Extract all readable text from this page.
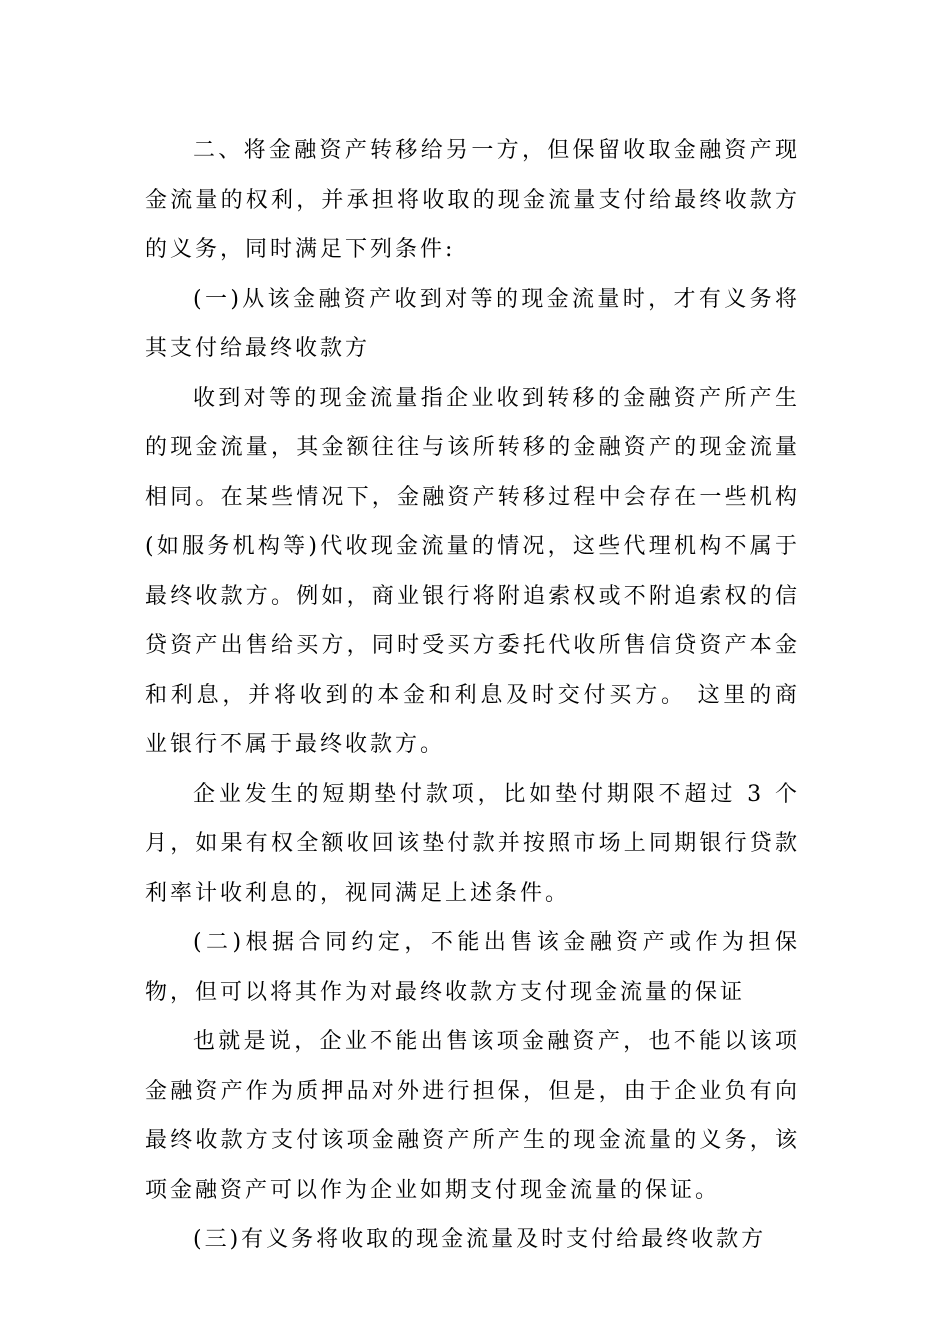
二、将金融资产转移给另一方，但保留收取金融资产现金流量的权利，并承担将收取的现金流量支付给最终收款方的义务，同时满足下列条件:

(一)从该金融资产收到对等的现金流量时，才有义务将其支付给最终收款方

收到对等的现金流量指企业收到转移的金融资产所产生的现金流量，其金额往往与该所转移的金融资产的现金流量相同。在某些情况下，金融资产转移过程中会存在一些机构(如服务机构等)代收现金流量的情况，这些代理机构不属于最终收款方。例如，商业银行将附追索权或不附追索权的信贷资产出售给买方，同时受买方委托代收所售信贷资产本金和利息，并将收到的本金和利息及时交付买方。 这里的商业银行不属于最终收款方。

企业发生的短期垫付款项，比如垫付期限不超过 3 个月，如果有权全额收回该垫付款并按照市场上同期银行贷款利率计收利息的，视同满足上述条件。

(二)根据合同约定，不能出售该金融资产或作为担保物，但可以将其作为对最终收款方支付现金流量的保证

也就是说，企业不能出售该项金融资产，也不能以该项金融资产作为质押品对外进行担保，但是，由于企业负有向最终收款方支付该项金融资产所产生的现金流量的义务，该项金融资产可以作为企业如期支付现金流量的保证。

(三)有义务将收取的现金流量及时支付给最终收款方
